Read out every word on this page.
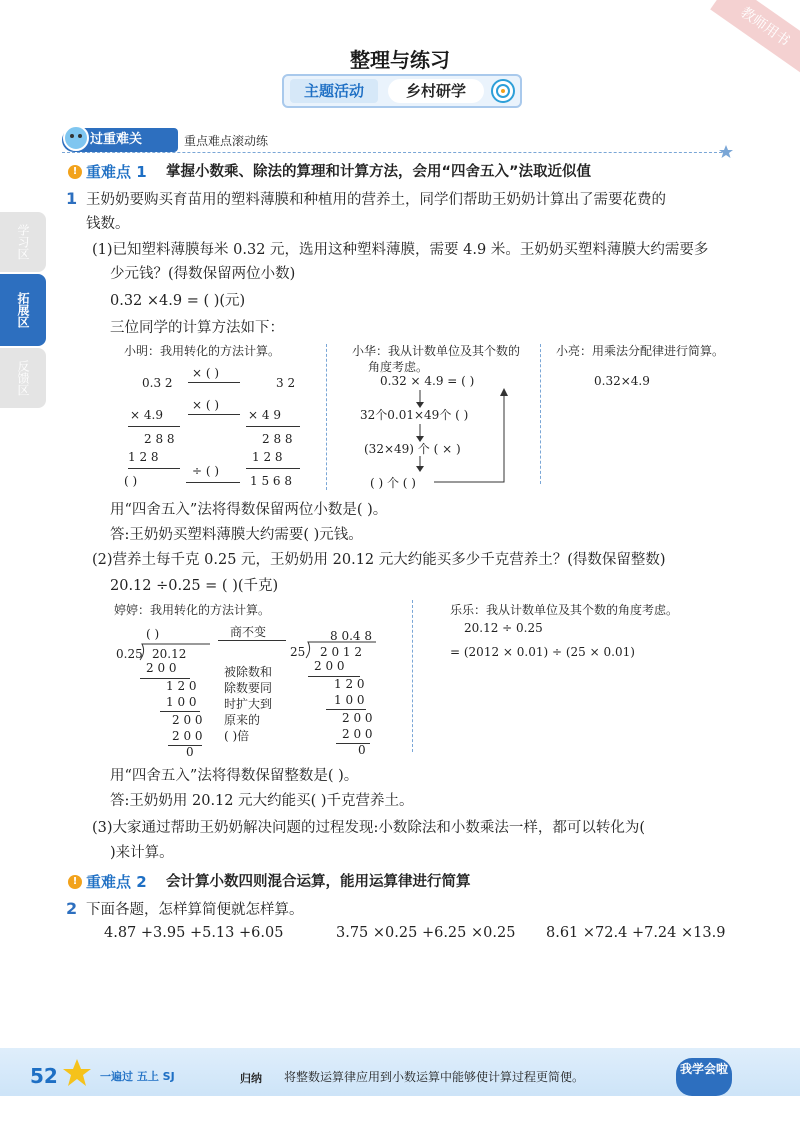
教师用书
整理与练习
主题活动	乡村研学
学习区
拓展区
反馈区
过重难关	重点难点滚动练
! 重难点 1 掌握小数乘、除法的算理和计算方法，会用“四舍五入”法取近似值
1 王奶奶要购买育苗用的塑料薄膜和种植用的营养土，同学们帮助王奶奶计算出了需要花费的
钱数。
(1)已知塑料薄膜每米 0.32 元，选用这种塑料薄膜，需要 4.9 米。王奶奶买塑料薄膜大约需要多
少元钱？(得数保留两位小数)
0.32 ×4.9 = ( )(元)
三位同学的计算方法如下：
小明：我用转化的方法计算。
0.3 2
× ( )
3 2
× 4.9
× ( )
× 4 9
2 8 8	2 8 8
1 2 8	1 2 8
( )
÷ ( )
1 5 6 8
小华：我从计数单位及其个数的
角度考虑。
0.32 × 4.9 = ( )
32个0.01×49个 ( )
(32×49) 个 ( × )
( ) 个 ( )
小亮：用乘法分配律进行简算。
0.32×4.9
用“四舍五入”法将得数保留两位小数是( )。
答:王奶奶买塑料薄膜大约需要( )元钱。
(2)营养土每千克 0.25 元，王奶奶用 20.12 元大约能买多少千克营养土？(得数保留整数)
20.12 ÷0.25 = ( )(千克)
婷婷：我用转化的方法计算。
( )
0.25 20.12
2 0 0
1 2 0
1 0 0
2 0 0
2 0 0
0
商不变
被除数和
除数要同
时扩大到
原来的
( )倍
8 0.4 8
25 2 0 1 2
2 0 0
1 2 0
1 0 0
2 0 0
2 0 0
0
乐乐：我从计数单位及其个数的角度考虑。
20.12 ÷ 0.25
= (2012 × 0.01) ÷ (25 × 0.01)
用“四舍五入”法将得数保留整数是( )。
答:王奶奶用 20.12 元大约能买( )千克营养土。
(3)大家通过帮助王奶奶解决问题的过程发现:小数除法和小数乘法一样，都可以转化为(
)来计算。
! 重难点 2 会计算小数四则混合运算，能用运算律进行简算
2 下面各题，怎样算简便就怎样算。
4.87 +3.95 +5.13 +6.05	3.75 ×0.25 +6.25 ×0.25 8.61 ×72.4 +7.24 ×13.9
52	一遍过 五上 SJ	归纳 将整数运算律应用到小数运算中能够使计算过程更简便。
我学会啦
